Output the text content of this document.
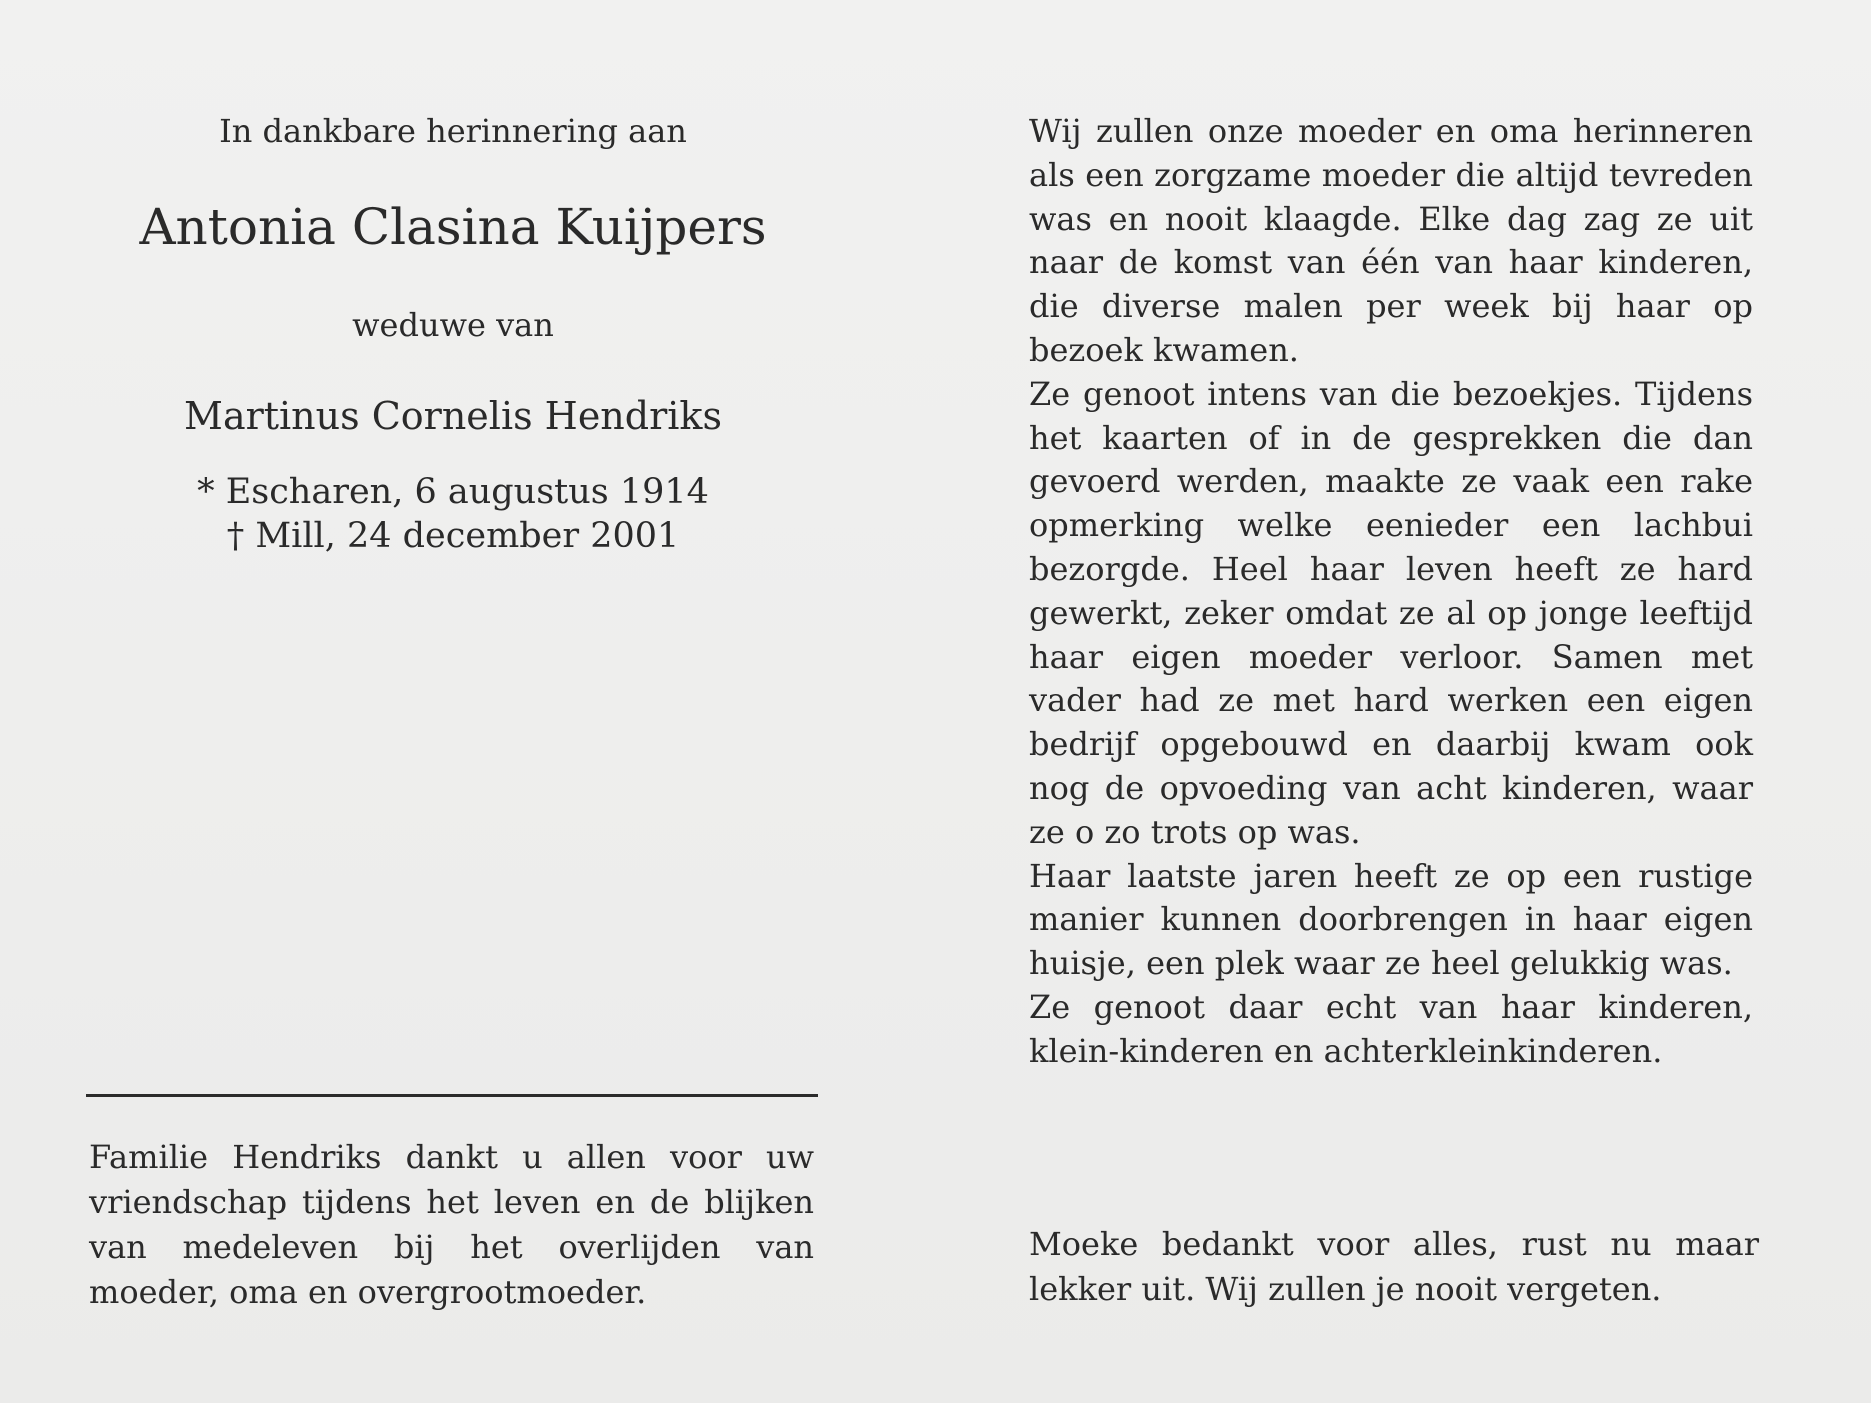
In dankbare herinnering aan

Antonia Clasina Kuijpers

weduwe van

Martinus Cornelis Hendriks

* Escharen, 6 augustus 1914
† Mill, 24 december 2001

Familie Hendriks dankt u allen voor uw vriendschap tijdens het leven en de blijken van medeleven bij het overlijden van moeder, oma en overgrootmoeder.

Wij zullen onze moeder en oma herinneren als een zorgzame moeder die altijd tevreden was en nooit klaagde. Elke dag zag ze uit naar de komst van één van haar kinderen, die diverse malen per week bij haar op bezoek kwamen.

Ze genoot intens van die bezoekjes. Tijdens het kaarten of in de gesprekken die dan gevoerd werden, maakte ze vaak een rake opmerking welke eenieder een lachbui bezorgde. Heel haar leven heeft ze hard gewerkt, zeker omdat ze al op jonge leeftijd haar eigen moeder verloor. Samen met vader had ze met hard werken een eigen bedrijf opgebouwd en daarbij kwam ook nog de opvoeding van acht kinderen, waar ze o zo trots op was.

Haar laatste jaren heeft ze op een rustige manier kunnen doorbrengen in haar eigen huisje, een plek waar ze heel gelukkig was.

Ze genoot daar echt van haar kinderen, klein-kinderen en achterkleinkinderen.

Moeke bedankt voor alles, rust nu maar lekker uit. Wij zullen je nooit vergeten.
